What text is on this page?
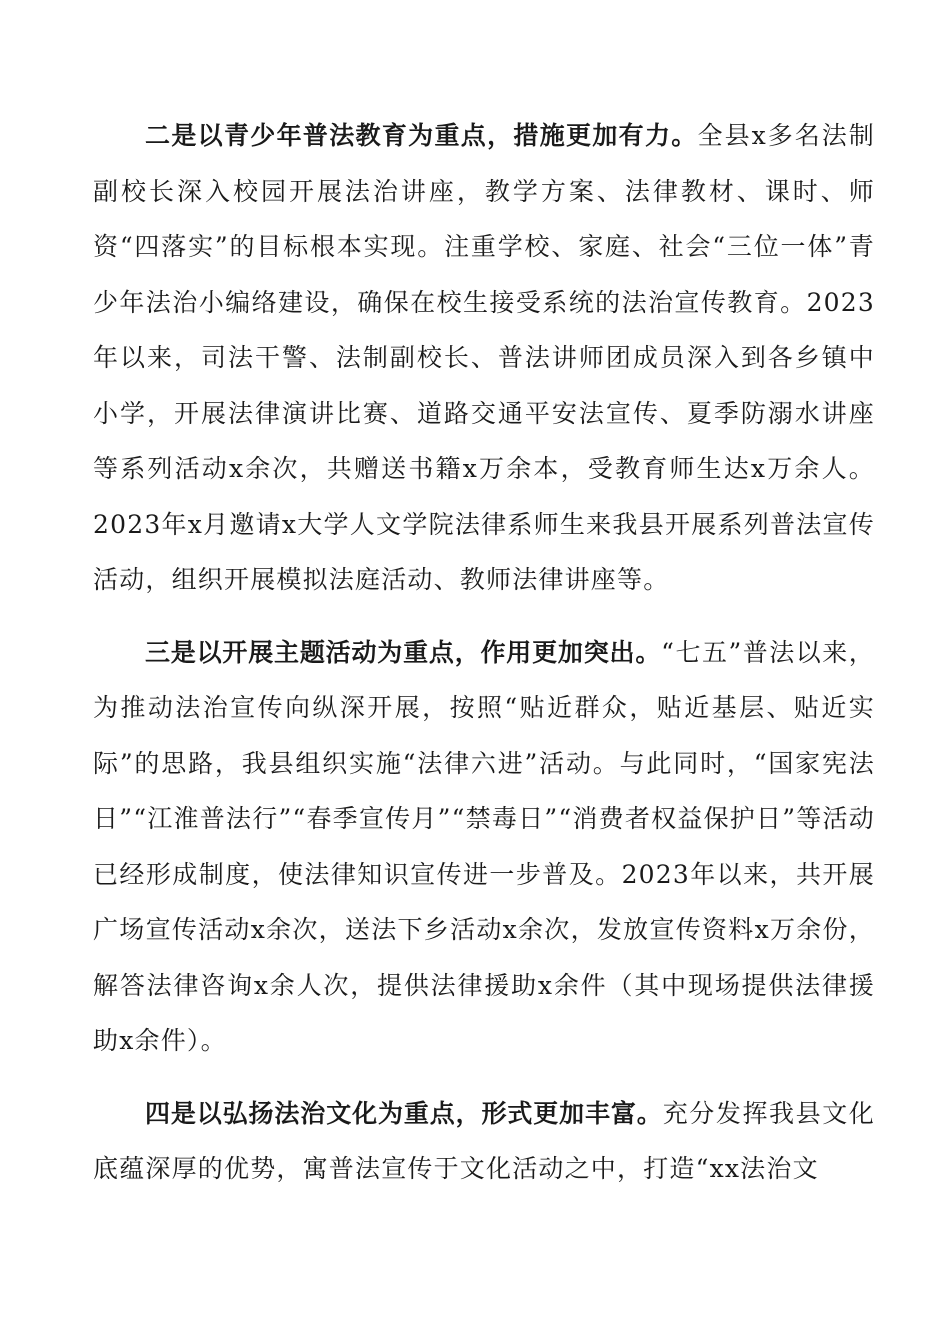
二是以青少年普法教育为重点，措施更加有力。全县x多名法制副校长深入校园开展法治讲座，教学方案、法律教材、课时、师资“四落实”的目标根本实现。注重学校、家庭、社会“三位一体”青少年法治小编络建设，确保在校生接受系统的法治宣传教育。2023年以来，司法干警、法制副校长、普法讲师团成员深入到各乡镇中小学，开展法律演讲比赛、道路交通平安法宣传、夏季防溺水讲座等系列活动x余次，共赠送书籍x万余本，受教育师生达x万余人。2023年x月邀请x大学人文学院法律系师生来我县开展系列普法宣传活动，组织开展模拟法庭活动、教师法律讲座等。

三是以开展主题活动为重点，作用更加突出。“七五”普法以来，为推动法治宣传向纵深开展，按照“贴近群众，贴近基层、贴近实际”的思路，我县组织实施“法律六进”活动。与此同时，“国家宪法日”“江淮普法行”“春季宣传月”“禁毒日”“消费者权益保护日”等活动已经形成制度，使法律知识宣传进一步普及。2023年以来，共开展广场宣传活动x余次，送法下乡活动x余次，发放宣传资料x万余份，解答法律咨询x余人次，提供法律援助x余件（其中现场提供法律援助x余件）。

四是以弘扬法治文化为重点，形式更加丰富。充分发挥我县文化底蕴深厚的优势，寓普法宣传于文化活动之中，打造“xx法治文
